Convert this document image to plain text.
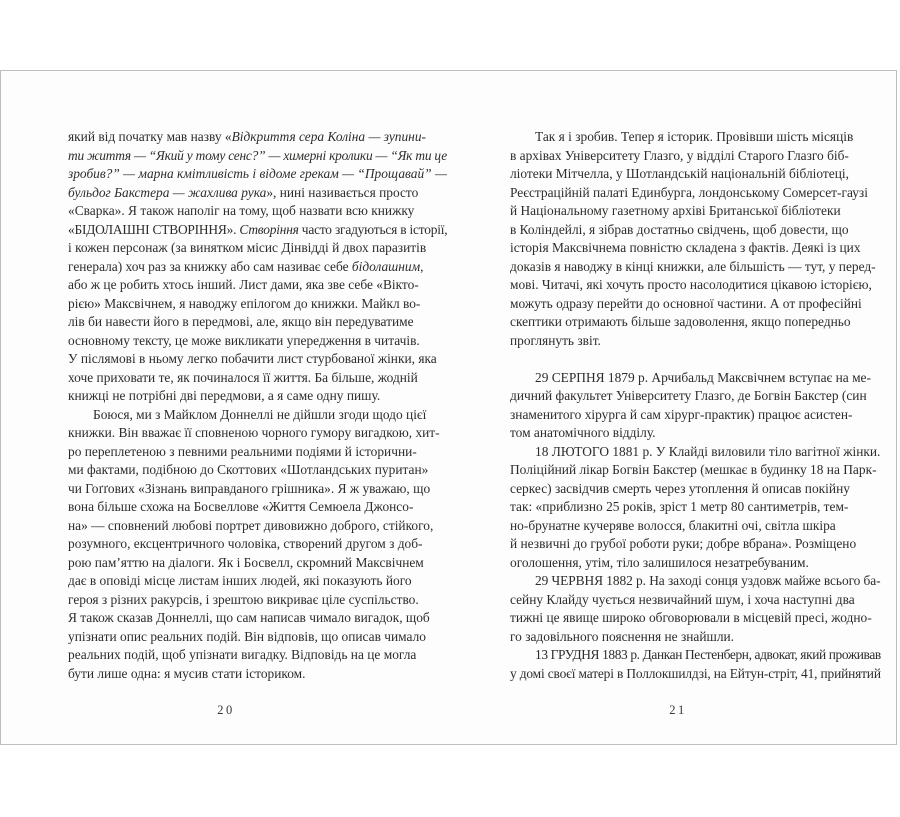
який від початку мав назву «Відкриття сера Коліна — зупини-
ти життя — “Який у тому сенс?” — химерні кролики — “Як ти це
зробив?” — марна кмітливість і відоме грекам — “Прощавай” —
бульдог Бакстера — жахлива рука», нині називається просто
«Сварка». Я також наполіг на тому, щоб назвати всю книжку
«БІДОЛАШНІ СТВОРІННЯ». Створіння часто згадуються в історії,
і кожен персонаж (за винятком місис Дінвідді й двох паразитів
генерала) хоч раз за книжку або сам називає себе бідолашним,
або ж це робить хтось інший. Лист дами, яка зве себе «Вікто-
рією» Максвічнем, я наводжу епілогом до книжки. Майкл во-
лів би навести його в передмові, але, якщо він передуватиме
основному тексту, це може викликати упередження в читачів.
У післямові в ньому легко побачити лист стурбованої жінки, яка
хоче приховати те, як починалося її життя. Ба більше, жодній
книжці не потрібні дві передмови, а я саме одну пишу.
Боюся, ми з Майклом Доннеллі не дійшли згоди щодо цієї
книжки. Він вважає її сповненою чорного гумору вигадкою, хит-
ро переплетеною з певними реальними подіями й історични-
ми фактами, подібною до Скоттових «Шотландських пуритан»
чи Гоґґових «Зізнань виправданого грішника». Я ж уважаю, що
вона більше схожа на Босвеллове «Життя Семюела Джонсо-
на» — сповнений любові портрет дивовижно доброго, стійкого,
розумного, ексцентричного чоловіка, створений другом з доб-
рою пам’яттю на діалоги. Як і Босвелл, скромний Максвічнем
дає в оповіді місце листам інших людей, які показують його
героя з різних ракурсів, і зрештою викриває ціле суспільство.
Я також сказав Доннеллі, що сам написав чимало вигадок, щоб
упізнати опис реальних подій. Він відповів, що описав чимало
реальних подій, щоб упізнати вигадку. Відповідь на це могла
бути лише одна: я мусив стати істориком.
Так я і зробив. Тепер я історик. Провівши шість місяців
в архівах Університету Глазго, у відділі Старого Глазго біб-
ліотеки Мітчелла, у Шотландській національній бібліотеці,
Реєстраційній палаті Единбурга, лондонському Сомерсет-гаузі
й Національному газетному архіві Британської бібліотеки
в Коліндейлі, я зібрав достатньо свідчень, щоб довести, що
історія Максвічнема повністю складена з фактів. Деякі із цих
доказів я наводжу в кінці книжки, але більшість — тут, у перед-
мові. Читачі, які хочуть просто насолодитися цікавою історією,
можуть одразу перейти до основної частини. А от професійні
скептики отримають більше задоволення, якщо попередньо
проглянуть звіт.
29 СЕРПНЯ 1879 р. Арчибальд Максвічнем вступає на ме-
дичний факультет Університету Глазго, де Богвін Бакстер (син
знаменитого хірурга й сам хірург-практик) працює асистен-
том анатомічного відділу.
18 ЛЮТОГО 1881 р. У Клайді виловили тіло вагітної жінки.
Поліційний лікар Богвін Бакстер (мешкає в будинку 18 на Парк-
серкес) засвідчив смерть через утоплення й описав покійну
так: «приблизно 25 років, зріст 1 метр 80 сантиметрів, тем-
но-брунатне кучеряве волосся, блакитні очі, світла шкіра
й незвичні до грубої роботи руки; добре вбрана». Розміщено
оголошення, утім, тіло залишилося незатребуваним.
29 ЧЕРВНЯ 1882 р. На заході сонця уздовж майже всього ба-
сейну Клайду чується незвичайний шум, і хоча наступні два
тижні це явище широко обговорювали в місцевій пресі, жодно-
го задовільного пояснення не знайшли.
13 ГРУДНЯ 1883 р. Данкан Пестенберн, адвокат, який проживав
у домі своєї матері в Поллокшилдзі, на Ейтун-стріт, 41, прийнятий
20	21
